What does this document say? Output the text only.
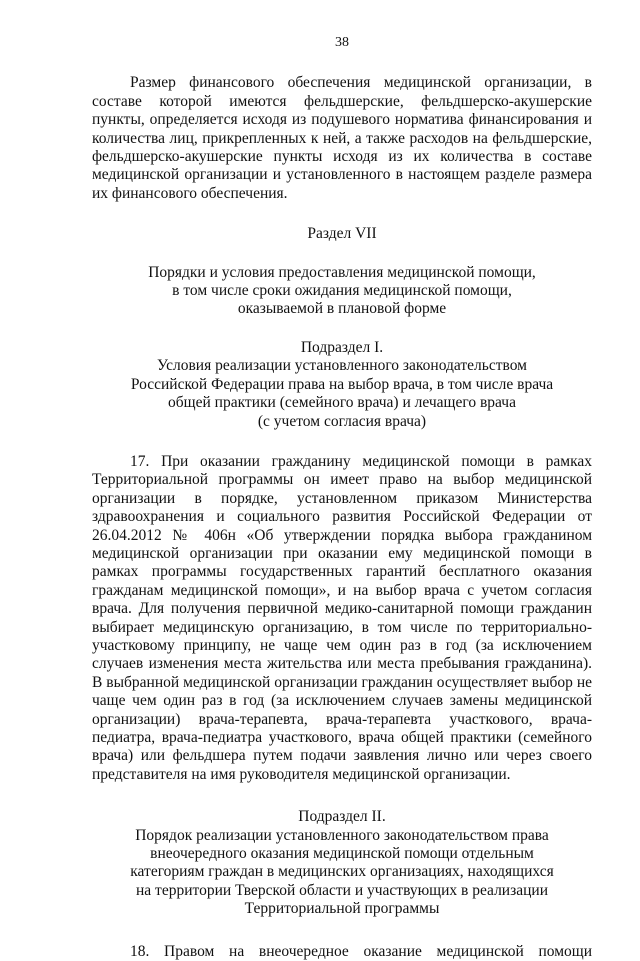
38

Размер финансового обеспечения медицинской организации, в составе которой имеются фельдшерские, фельдшерско-акушерские пункты, определяется исходя из подушевого норматива финансирования и количества лиц, прикрепленных к ней, а также расходов на фельдшерские, фельдшерско-акушерские пункты исходя из их количества в составе медицинской организации и установленного в настоящем разделе размера их финансового обеспечения.

Раздел VII

Порядки и условия предоставления медицинской помощи,

в том числе сроки ожидания медицинской помощи,

оказываемой в плановой форме

Подраздел I.

Условия реализации установленного законодательством

Российской Федерации права на выбор врача, в том числе врача

общей практики (семейного врача) и лечащего врача

(с учетом согласия врача)

17. При оказании гражданину медицинской помощи в рамках Территориальной программы он имеет право на выбор медицинской организации в порядке, установленном приказом Министерства здравоохранения и социального развития Российской Федерации от 26.04.2012 № 406н «Об утверждении порядка выбора гражданином медицинской организации при оказании ему медицинской помощи в рамках программы государственных гарантий бесплатного оказания гражданам медицинской помощи», и на выбор врача с учетом согласия врача. Для получения первичной медико-санитарной помощи гражданин выбирает медицинскую организацию, в том числе по территориально-участковому принципу, не чаще чем один раз в год (за исключением случаев изменения места жительства или места пребывания гражданина). В выбранной медицинской организации гражданин осуществляет выбор не чаще чем один раз в год (за исключением случаев замены медицинской организации) врача-терапевта, врача-терапевта участкового, врача-педиатра, врача-педиатра участкового, врача общей практики (семейного врача) или фельдшера путем подачи заявления лично или через своего представителя на имя руководителя медицинской организации.

Подраздел II.

Порядок реализации установленного законодательством права

внеочередного оказания медицинской помощи отдельным

категориям граждан в медицинских организациях, находящихся

на территории Тверской области и участвующих в реализации

Территориальной программы

18. Правом на внеочередное оказание медицинской помощи
